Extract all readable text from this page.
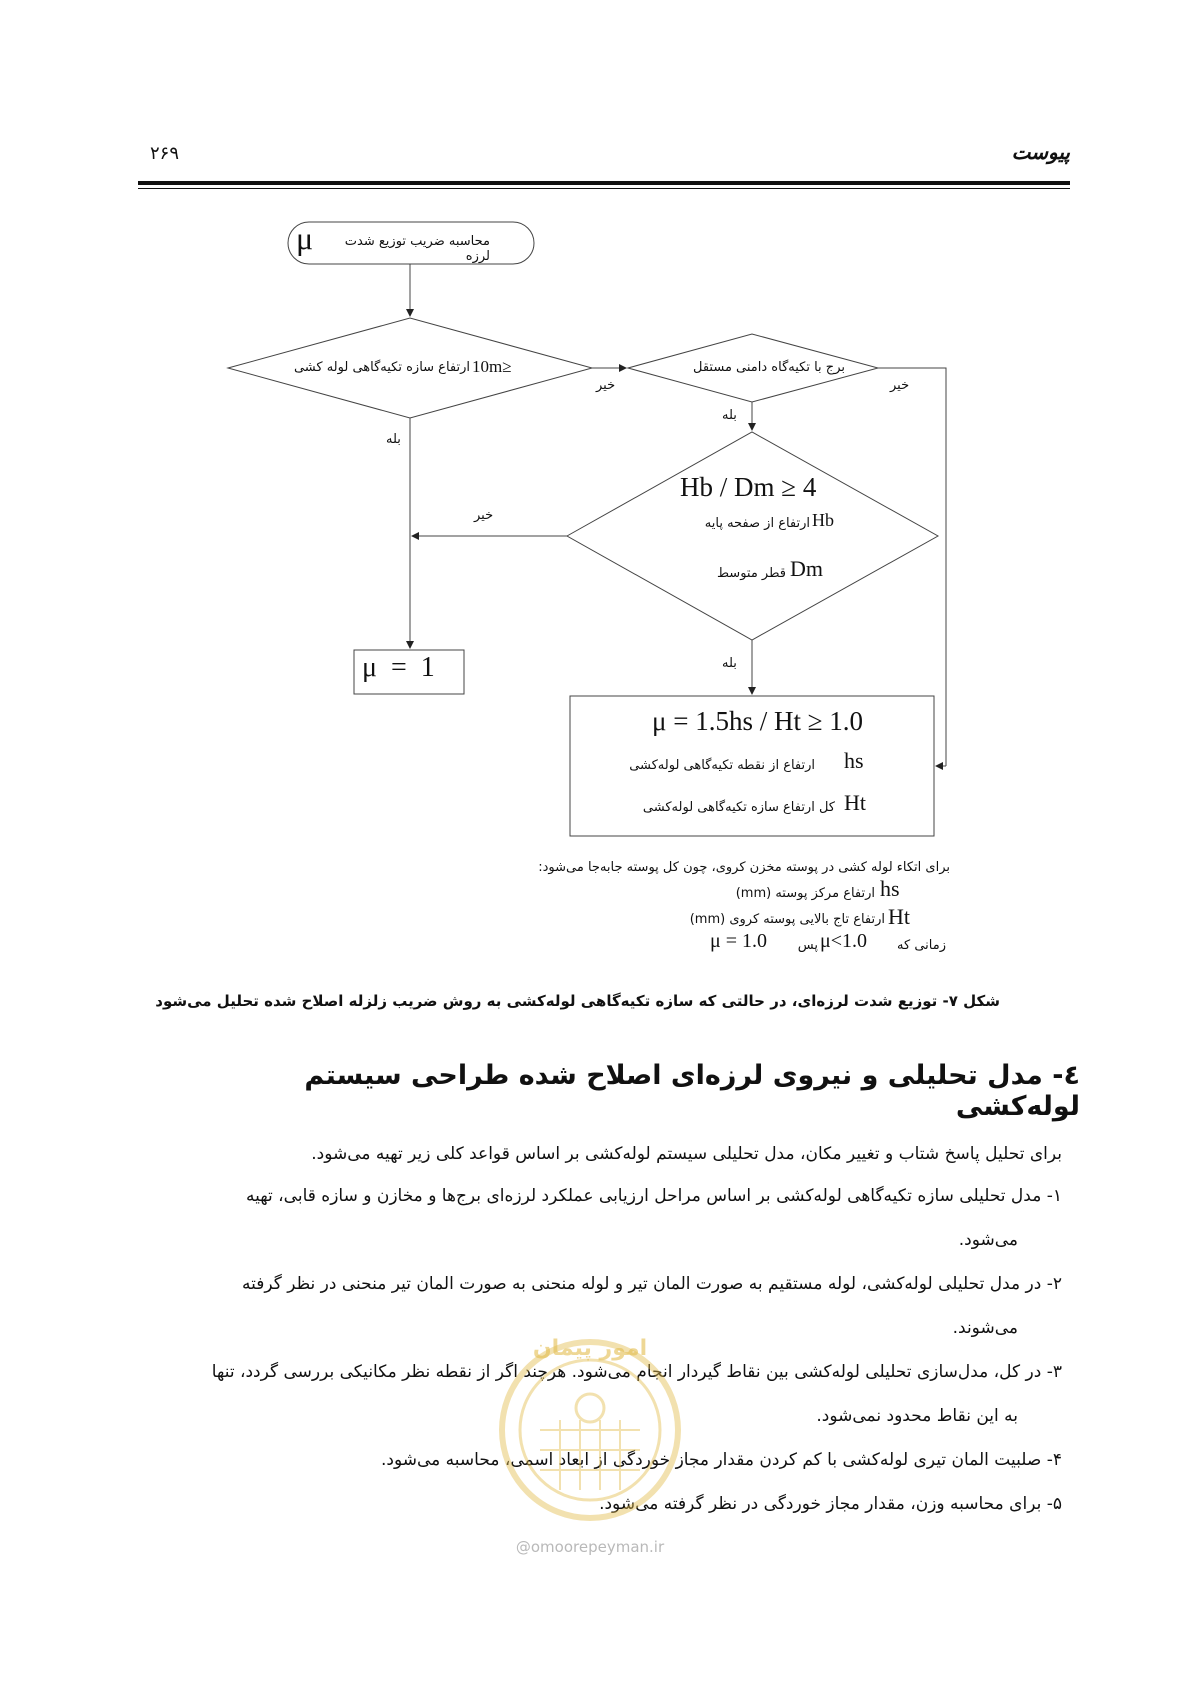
پیوست
۲۶۹
محاسبه ضریب توزیع شدت لرزه
μ
ارتفاع سازه تکیه‌گاهی لوله کشی 10m≥	برج با تکیه‌گاه دامنی مستقل
خیر	خیر
بله
بله
خیر
بله
Hb / Dm ≥ 4
ارتفاع از صفحه پایه Hb
قطر متوسط Dm
μ  =  1
μ = 1.5hs / Ht ≥ 1.0
ارتفاع از نقطه تکیه‌گاهی لوله‌کشی hs
کل ارتفاع سازه تکیه‌گاهی لوله‌کشی Ht
برای اتکاء لوله کشی در پوسته مخزن کروی، چون کل پوسته جابه‌جا می‌شود:
ارتفاع مرکز پوسته (mm) hs
ارتفاع تاج بالایی پوسته کروی (mm) Ht
زمانی که
μ<1.0
پس
μ = 1.0
شکل ۷- توزیع شدت لرزه‌ای، در حالتی که سازه تکیه‌گاهی لوله‌کشی به روش ضریب زلزله اصلاح شده تحلیل می‌شود
٤- مدل تحلیلی و نیروی لرزه‌ای اصلاح شده طراحی سیستم لوله‌کشی
برای تحلیل پاسخ شتاب و تغییر مکان، مدل تحلیلی سیستم لوله‌کشی بر اساس قواعد کلی زیر تهیه می‌شود.
۱- مدل تحلیلی سازه تکیه‌گاهی لوله‌کشی بر اساس مراحل ارزیابی عملکرد لرزه‌ای برج‌ها و مخازن و سازه قابی، تهیه
می‌شود.
۲- در مدل تحلیلی لوله‌کشی، لوله مستقیم به صورت المان تیر و لوله منحنی به صورت المان تیر منحنی در نظر گرفته
می‌شوند.
۳- در کل، مدل‌سازی تحلیلی لوله‌کشی بین نقاط گیردار انجام می‌شود. هرچند اگر از نقطه نظر مکانیکی بررسی گردد، تنها
به این نقاط محدود نمی‌شود.
۴- صلبیت المان تیری لوله‌کشی با کم کردن مقدار مجاز خوردگی از ابعاد اسمی، محاسبه می‌شود.
۵- برای محاسبه وزن، مقدار مجاز خوردگی در نظر گرفته می‌شود.
امور پیمان
@omoorepeyman.ir
